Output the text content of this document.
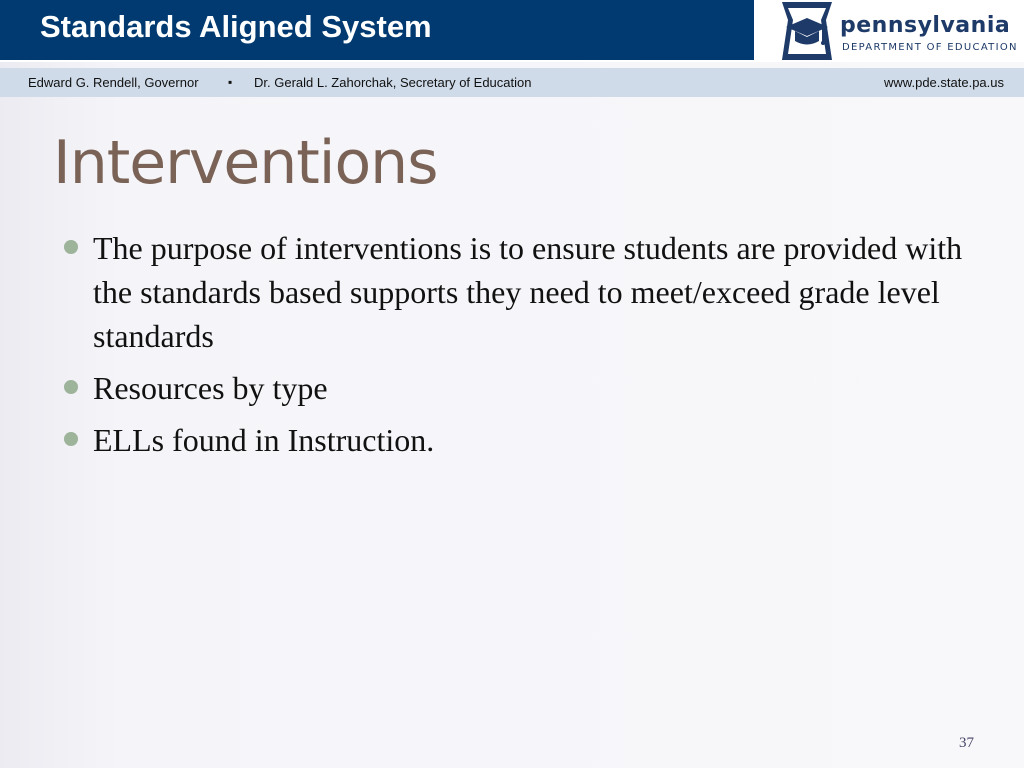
Standards Aligned System	pennsylvania
DEPARTMENT OF EDUCATION
Edward G. Rendell, Governor ▪ Dr. Gerald L. Zahorchak, Secretary of Education	www.pde.state.pa.us
Interventions
The purpose of interventions is to ensure students are provided with the standards based supports they need to meet/exceed grade level standards
Resources by type
ELLs found in Instruction.
37
